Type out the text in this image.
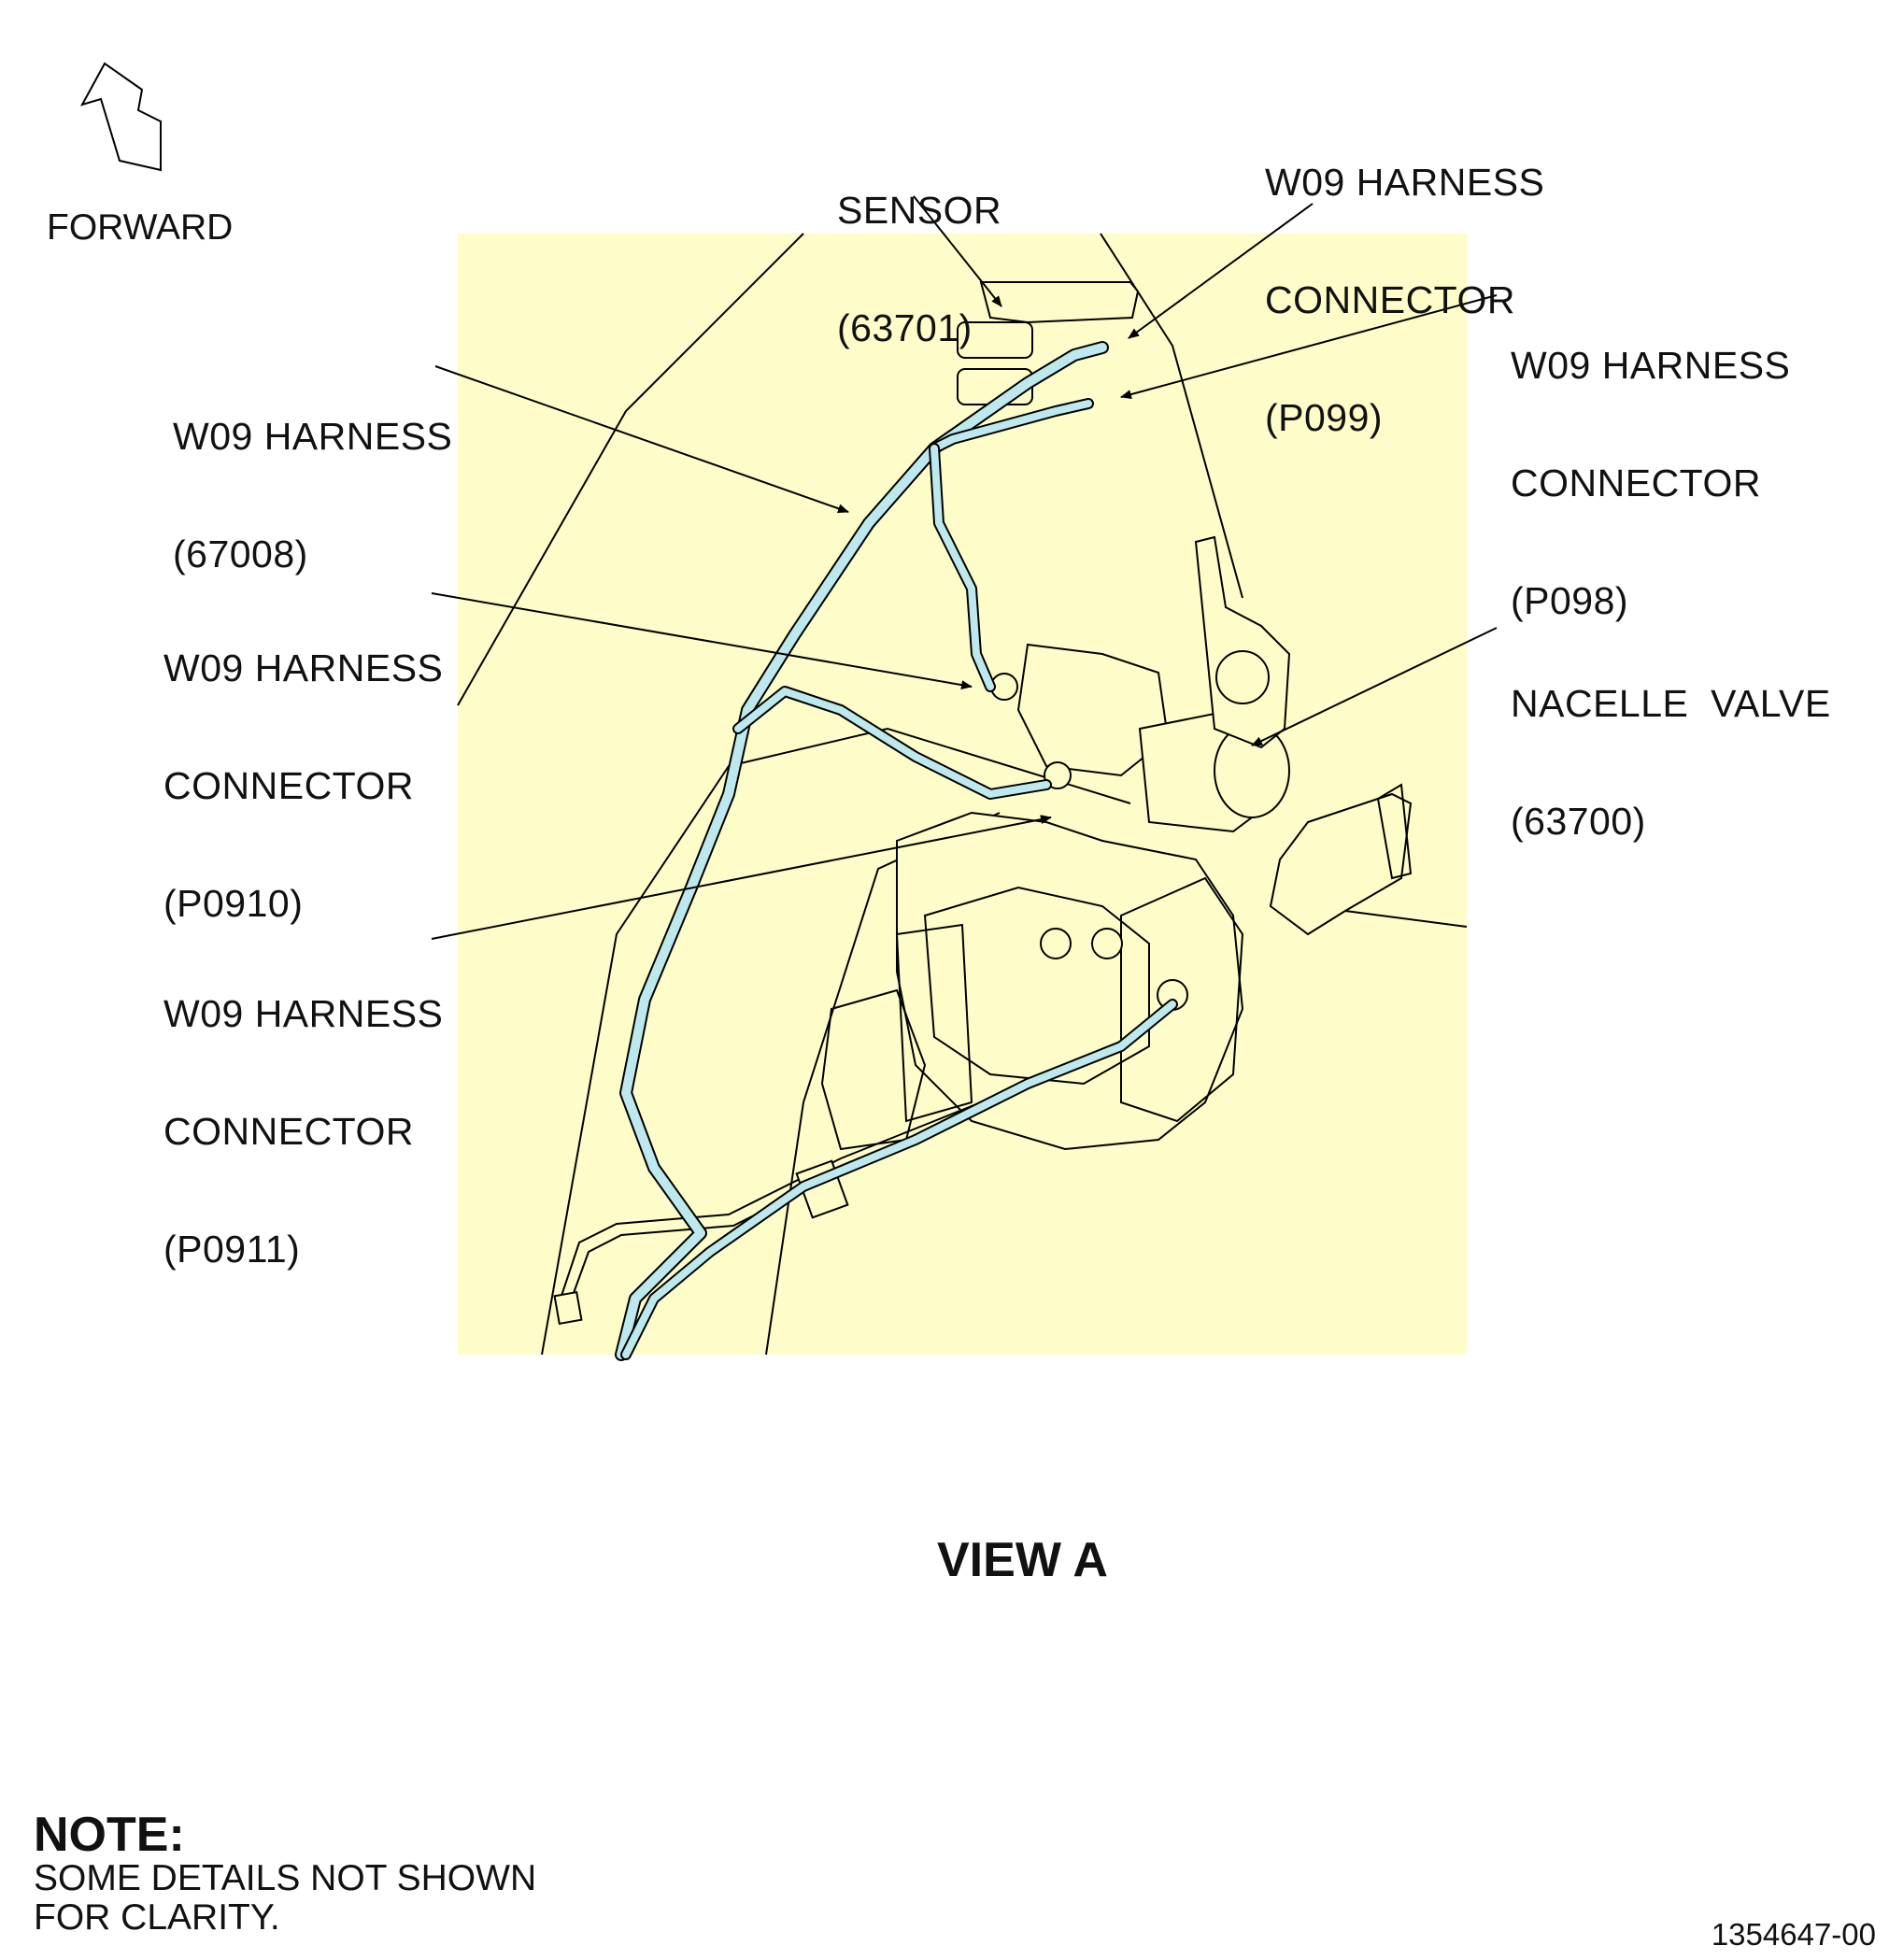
FORWARD

	SENSOR

(63701)

W09 HARNESS

CONNECTOR

(P099)

W09 HARNESS

CONNECTOR

(P098)

W09 HARNESS

(67008)

W09 HARNESS

CONNECTOR

(P0910)

NACELLE  VALVE

(63700)

W09 HARNESS

CONNECTOR

(P0911)

VIEW A
NOTE:
SOME DETAILS NOT SHOWN
FOR CLARITY.	1354647-00
